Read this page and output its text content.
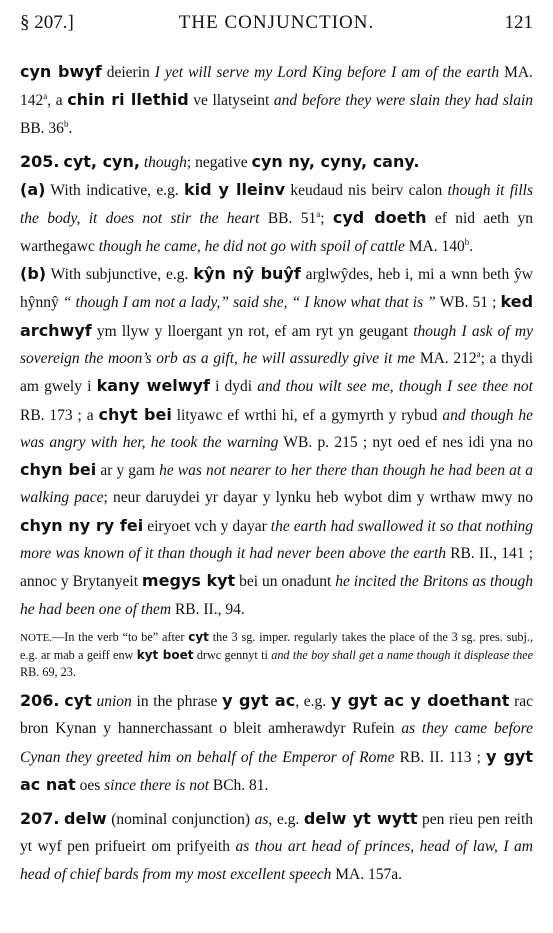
§ 207.]	THE CONJUNCTION.	121

cyn bwyf deierin I yet will serve my Lord King before I am of the earth MA. 142$^a$, a chin ri llethid ve llatyseint and before they were slain they had slain BB. 36$^b$.

205. cyt, cyn, though; negative cyn ny, cyny, cany.

(a) With indicative, e.g. kid y lleinv keudaud nis beirv calon though it fills the body, it does not stir the heart BB. 51$^a$; cyd doeth ef nid aeth yn warthegawc though he came, he did not go with spoil of cattle MA. 140$^b$.

(b) With subjunctive, e.g. kŷn nŷ buŷf arglwŷdes, heb i, mi a wnn beth ŷw hŷnnŷ “ though I am not a lady,” said she, “ I know what that is ” WB. 51 ; ked archwyf ym llyw y lloergant yn rot, ef am ryt yn geugant though I ask of my sovereign the moon’s orb as a gift, he will assuredly give it me MA. 212$^a$; a thydi am gwely i kany welwyf i dydi and thou wilt see me, though I see thee not RB. 173 ; a chyt bei lityawc ef wrthi hi, ef a gymyrth y rybud and though he was angry with her, he took the warning WB. p. 215 ; nyt oed ef nes idi yna no chyn bei ar y gam he was not nearer to her there than though he had been at a walking pace; neur daruydei yr dayar y lynku heb wybot dim y wrthaw mwy no chyn ny ry fei eiryoet vch y dayar the earth had swallowed it so that nothing more was known of it than though it had never been above the earth RB. II., 141 ; annoc y Brytanyeit megys kyt bei un onadunt he incited the Britons as though he had been one of them RB. II., 94.

NOTE.—In the verb “to be” after cyt the 3 sg. imper. regularly takes the place of the 3 sg. pres. subj., e.g. ar mab a geiff enw kyt boet drwc gennyt ti and the boy shall get a name though it displease thee RB. 69, 23.

206. cyt union in the phrase y gyt ac, e.g. y gyt ac y doethant rac bron Kynan y hannerchassant o bleit amherawdyr Rufein as they came before Cynan they greeted him on behalf of the Emperor of Rome RB. II. 113 ; y gyt ac nat oes since there is not BCh. 81.

207. delw (nominal conjunction) as, e.g. delw yt wytt pen rieu pen reith yt wyf pen prifueirt om prifyeith as thou art head of princes, head of law, I am head of chief bards from my most excellent speech MA. 157a.
